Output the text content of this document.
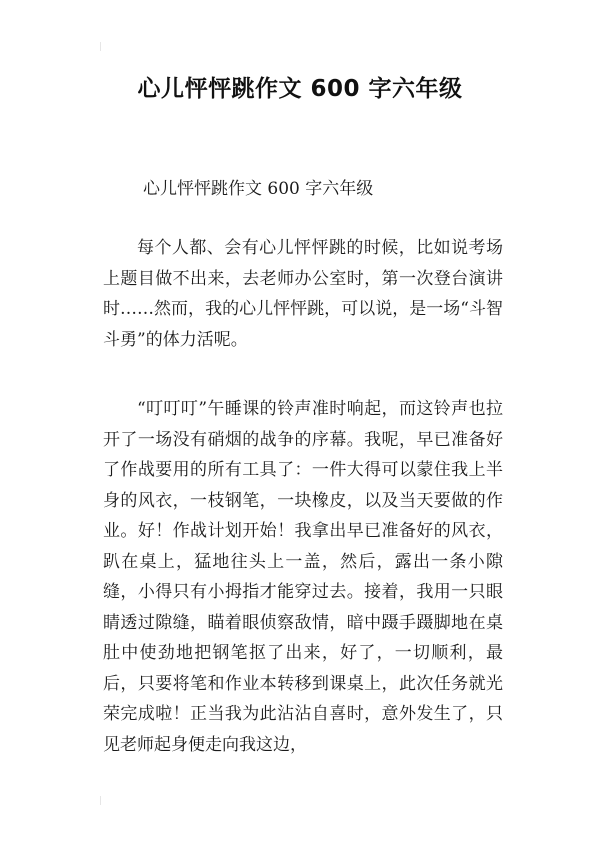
心儿怦怦跳作文 600 字六年级
心儿怦怦跳作文 600 字六年级

每个人都、会有心儿怦怦跳的时候，比如说考场上题目做不出来，去老师办公室时，第一次登台演讲时……然而，我的心儿怦怦跳，可以说，是一场“斗智斗勇”的体力活呢。

“叮叮叮”午睡课的铃声准时响起，而这铃声也拉开了一场没有硝烟的战争的序幕。我呢，早已准备好了作战要用的所有工具了：一件大得可以蒙住我上半身的风衣，一枝钢笔，一块橡皮，以及当天要做的作业。好！作战计划开始！我拿出早已准备好的风衣，趴在桌上，猛地往头上一盖，然后，露出一条小隙缝，小得只有小拇指才能穿过去。接着，我用一只眼睛透过隙缝，瞄着眼侦察敌情，暗中蹑手蹑脚地在桌肚中使劲地把钢笔抠了出来，好了，一切顺利，最后，只要将笔和作业本转移到课桌上，此次任务就光荣完成啦！正当我为此沾沾自喜时，意外发生了，只见老师起身便走向我这边，
